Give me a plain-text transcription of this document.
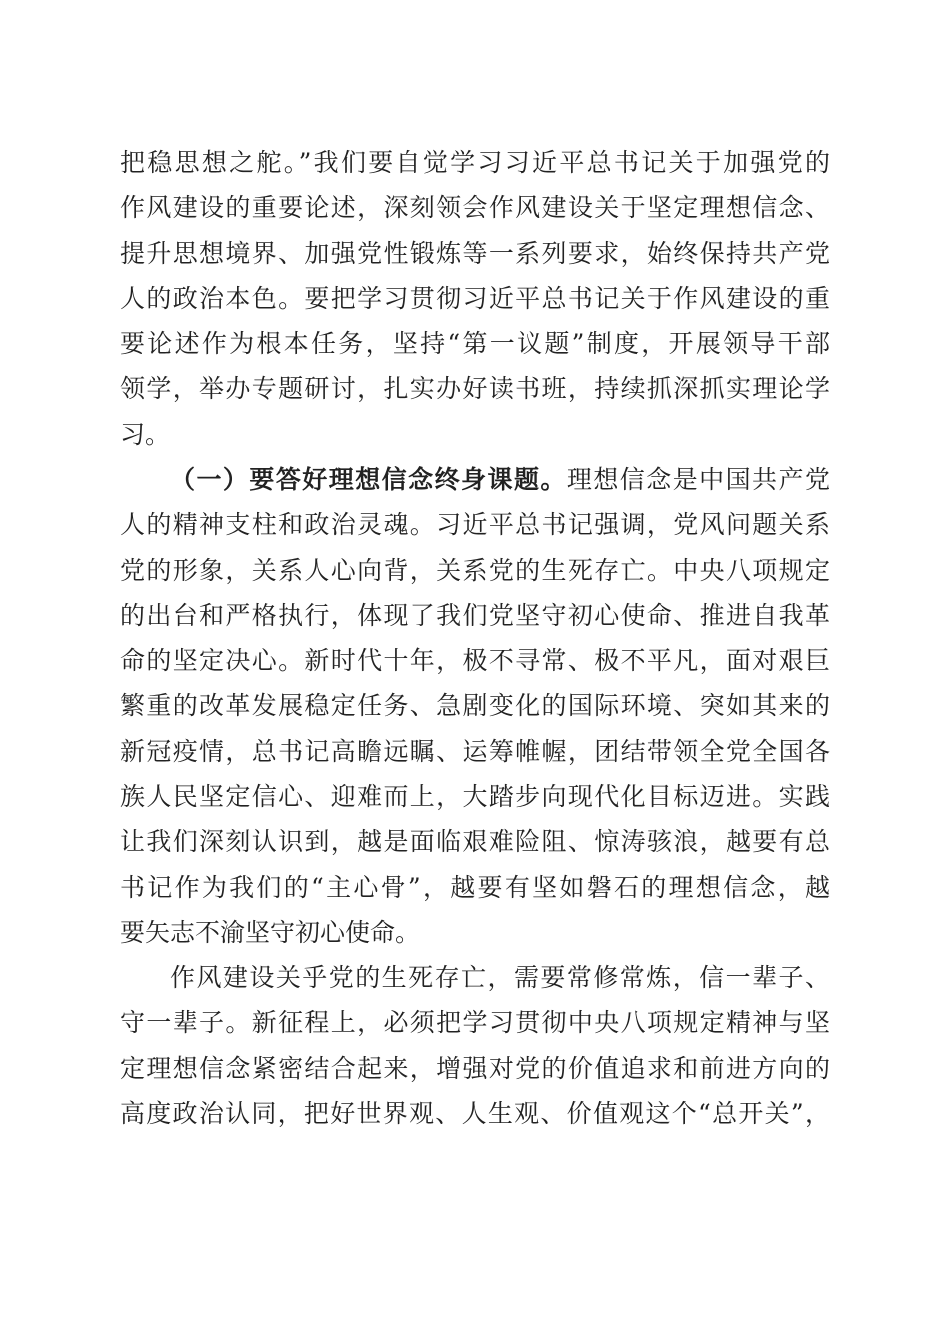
把稳思想之舵。”我们要自觉学习习近平总书记关于加强党的
作风建设的重要论述，深刻领会作风建设关于坚定理想信念、
提升思想境界、加强党性锻炼等一系列要求，始终保持共产党
人的政治本色。要把学习贯彻习近平总书记关于作风建设的重
要论述作为根本任务，坚持“第一议题”制度，开展领导干部
领学，举办专题研讨，扎实办好读书班，持续抓深抓实理论学
习。
（一）要答好理想信念终身课题。理想信念是中国共产党
人的精神支柱和政治灵魂。习近平总书记强调，党风问题关系
党的形象，关系人心向背，关系党的生死存亡。中央八项规定
的出台和严格执行，体现了我们党坚守初心使命、推进自我革
命的坚定决心。新时代十年，极不寻常、极不平凡，面对艰巨
繁重的改革发展稳定任务、急剧变化的国际环境、突如其来的
新冠疫情，总书记高瞻远瞩、运筹帷幄，团结带领全党全国各
族人民坚定信心、迎难而上，大踏步向现代化目标迈进。实践
让我们深刻认识到，越是面临艰难险阻、惊涛骇浪，越要有总
书记作为我们的“主心骨”，越要有坚如磐石的理想信念，越
要矢志不渝坚守初心使命。
作风建设关乎党的生死存亡，需要常修常炼，信一辈子、
守一辈子。新征程上，必须把学习贯彻中央八项规定精神与坚
定理想信念紧密结合起来，增强对党的价值追求和前进方向的
高度政治认同，把好世界观、人生观、价值观这个“总开关”，
